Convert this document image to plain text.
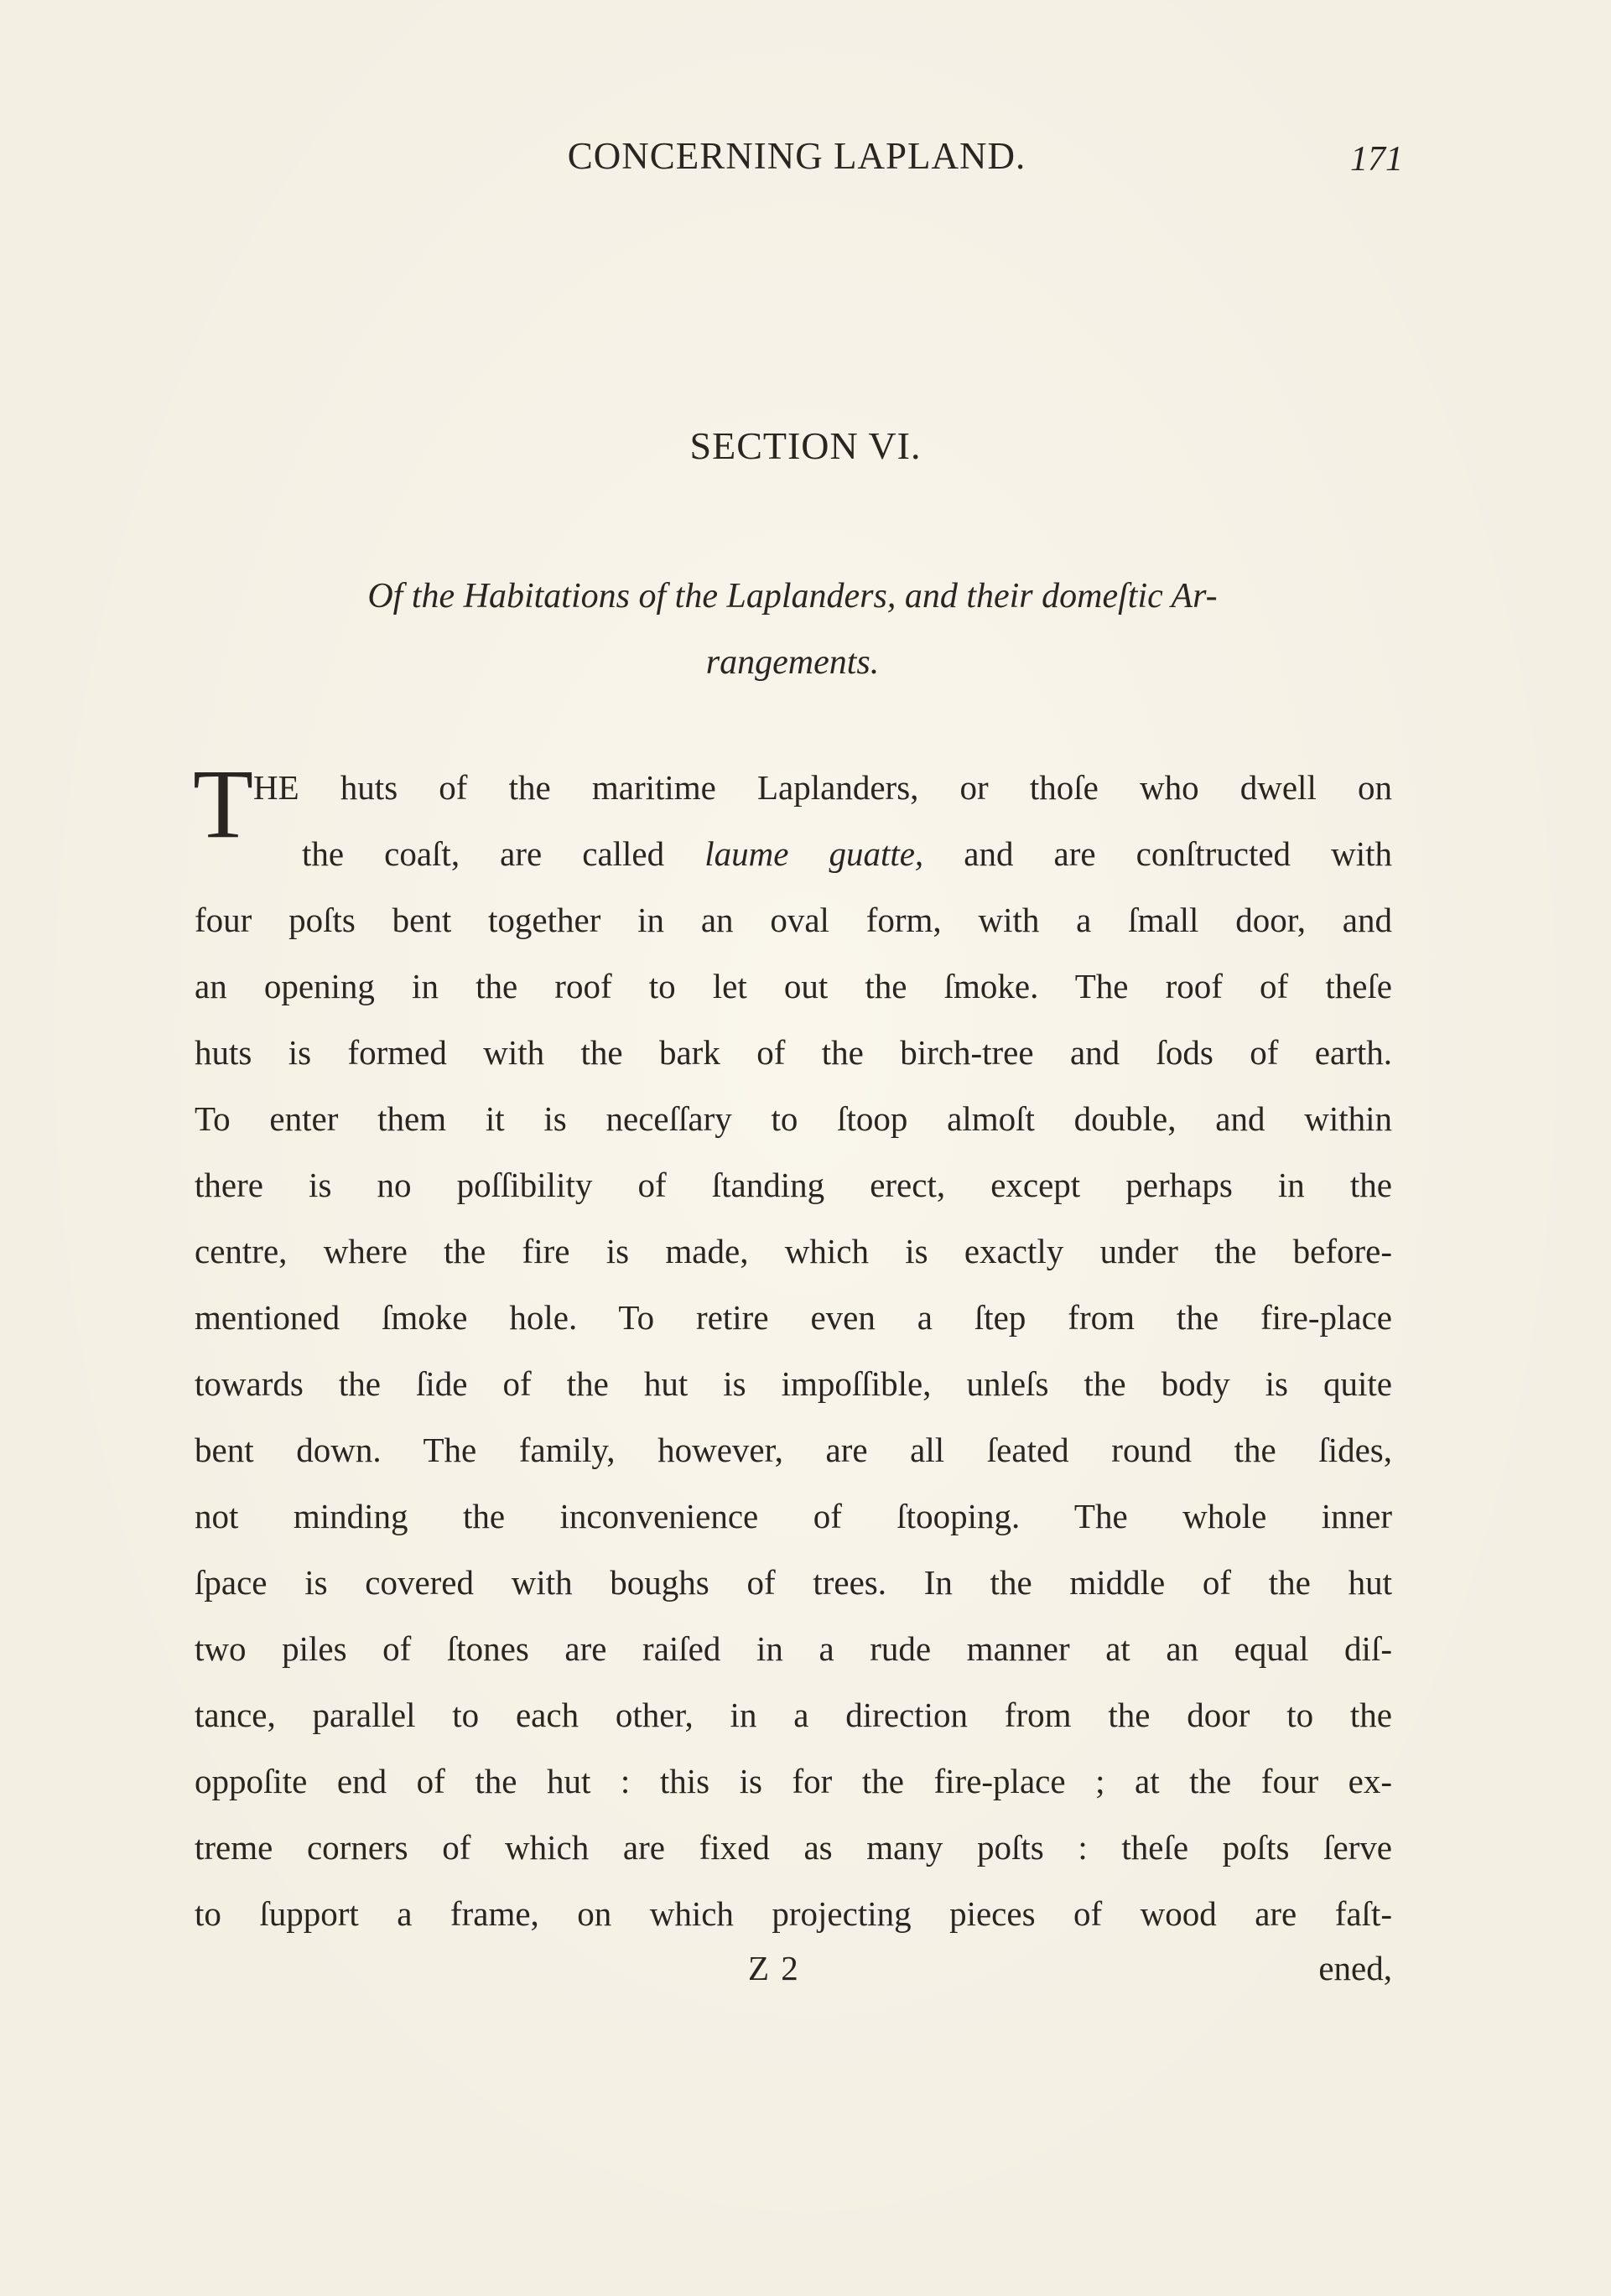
CONCERNING LAPLAND.	171
SECTION VI.
Of the Habitations of the Laplanders, and their domeſtic Ar-
rangements.
T HE huts of the maritime Laplanders, or thoſe who dwell on
the coaſt, are called laume guatte, and are conſtructed with
four poſts bent together in an oval form, with a ſmall door, and
an opening in the roof to let out the ſmoke. The roof of theſe
huts is formed with the bark of the birch-tree and ſods of earth.
To enter them it is neceſſary to ſtoop almoſt double, and within
there is no poſſibility of ſtanding erect, except perhaps in the
centre, where the fire is made, which is exactly under the before-
mentioned ſmoke hole. To retire even a ſtep from the fire-place
towards the ſide of the hut is impoſſible, unleſs the body is quite
bent down. The family, however, are all ſeated round the ſides,
not minding the inconvenience of ſtooping. The whole inner
ſpace is covered with boughs of trees. In the middle of the hut
two piles of ſtones are raiſed in a rude manner at an equal diſ-
tance, parallel to each other, in a direction from the door to the
oppoſite end of the hut : this is for the fire-place ; at the four ex-
treme corners of which are fixed as many poſts : theſe poſts ſerve
to ſupport a frame, on which projecting pieces of wood are faſt-
Z 2	ened,
